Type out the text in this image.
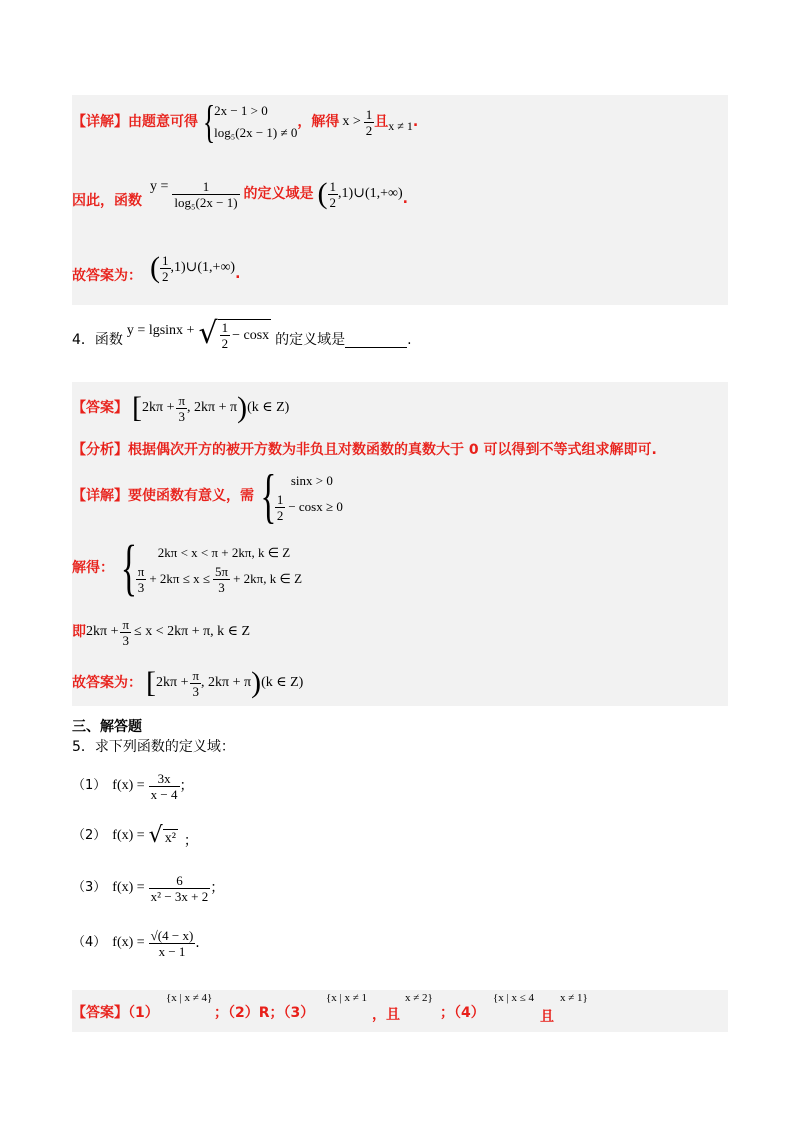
【详解】 由题意可得 {
2x − 1 > 0
log₅(2x − 1) ≠ 0
，解得 $x > \frac{1}{2}$ 且 x ≠ 1 .
因此，函数
$y = \frac{1}{\text{log₅(2x − 1)}}$ 的定义域是 ( $\frac{1}{2}$ ,1)∪(1,+∞) .
故答案为： ( $\frac{1}{2}$ ,1)∪(1,+∞) .
4．函数
y = lgsinx + √ $\frac{1}{2} - \cos x$ 的定义域是	.
【答案】 [ $2k\pi + \frac{\pi}{3}$ , 2kπ + π ) (k ∈ Z)
【分析】根据偶次开方的被开方数为非负且对数函数的真数大于 0 可以得到不等式组求解即可.
【详解】 要使函数有意义，需 {	sinx > 0
$\frac{1}{2} - \cos x \ge 0$
解得： {	2kπ < x < π + 2kπ, k ∈ Z
$\frac{\pi}{3} + 2k\pi \le x \le \frac{5\pi}{3} + 2k\pi$, k ∈ Z
即 $2k\pi + \frac{\pi}{3} \le x < 2k\pi + \pi$, k ∈ Z
故答案为： [ $2k\pi + \frac{\pi}{3}$ , 2kπ + π ) (k ∈ Z)
三、解答题
5．求下列函数的定义域：
（1） $f(x) = \frac{3x}{x - 4}$ ；
（2） f(x) = √ x² ；
（3） $f(x) = \frac{6}{\text{x² − 3x + 2}}$ ；
（4） $f(x) = \frac{√(4 - x)}{x - 1}$ .
【答案】（1）
{x | x ≠ 4}
；（2）R；（3）
{x | x ≠ 1	x ≠ 2}
，且	；（4）
{x | x ≤ 4 x ≠ 1}
且
